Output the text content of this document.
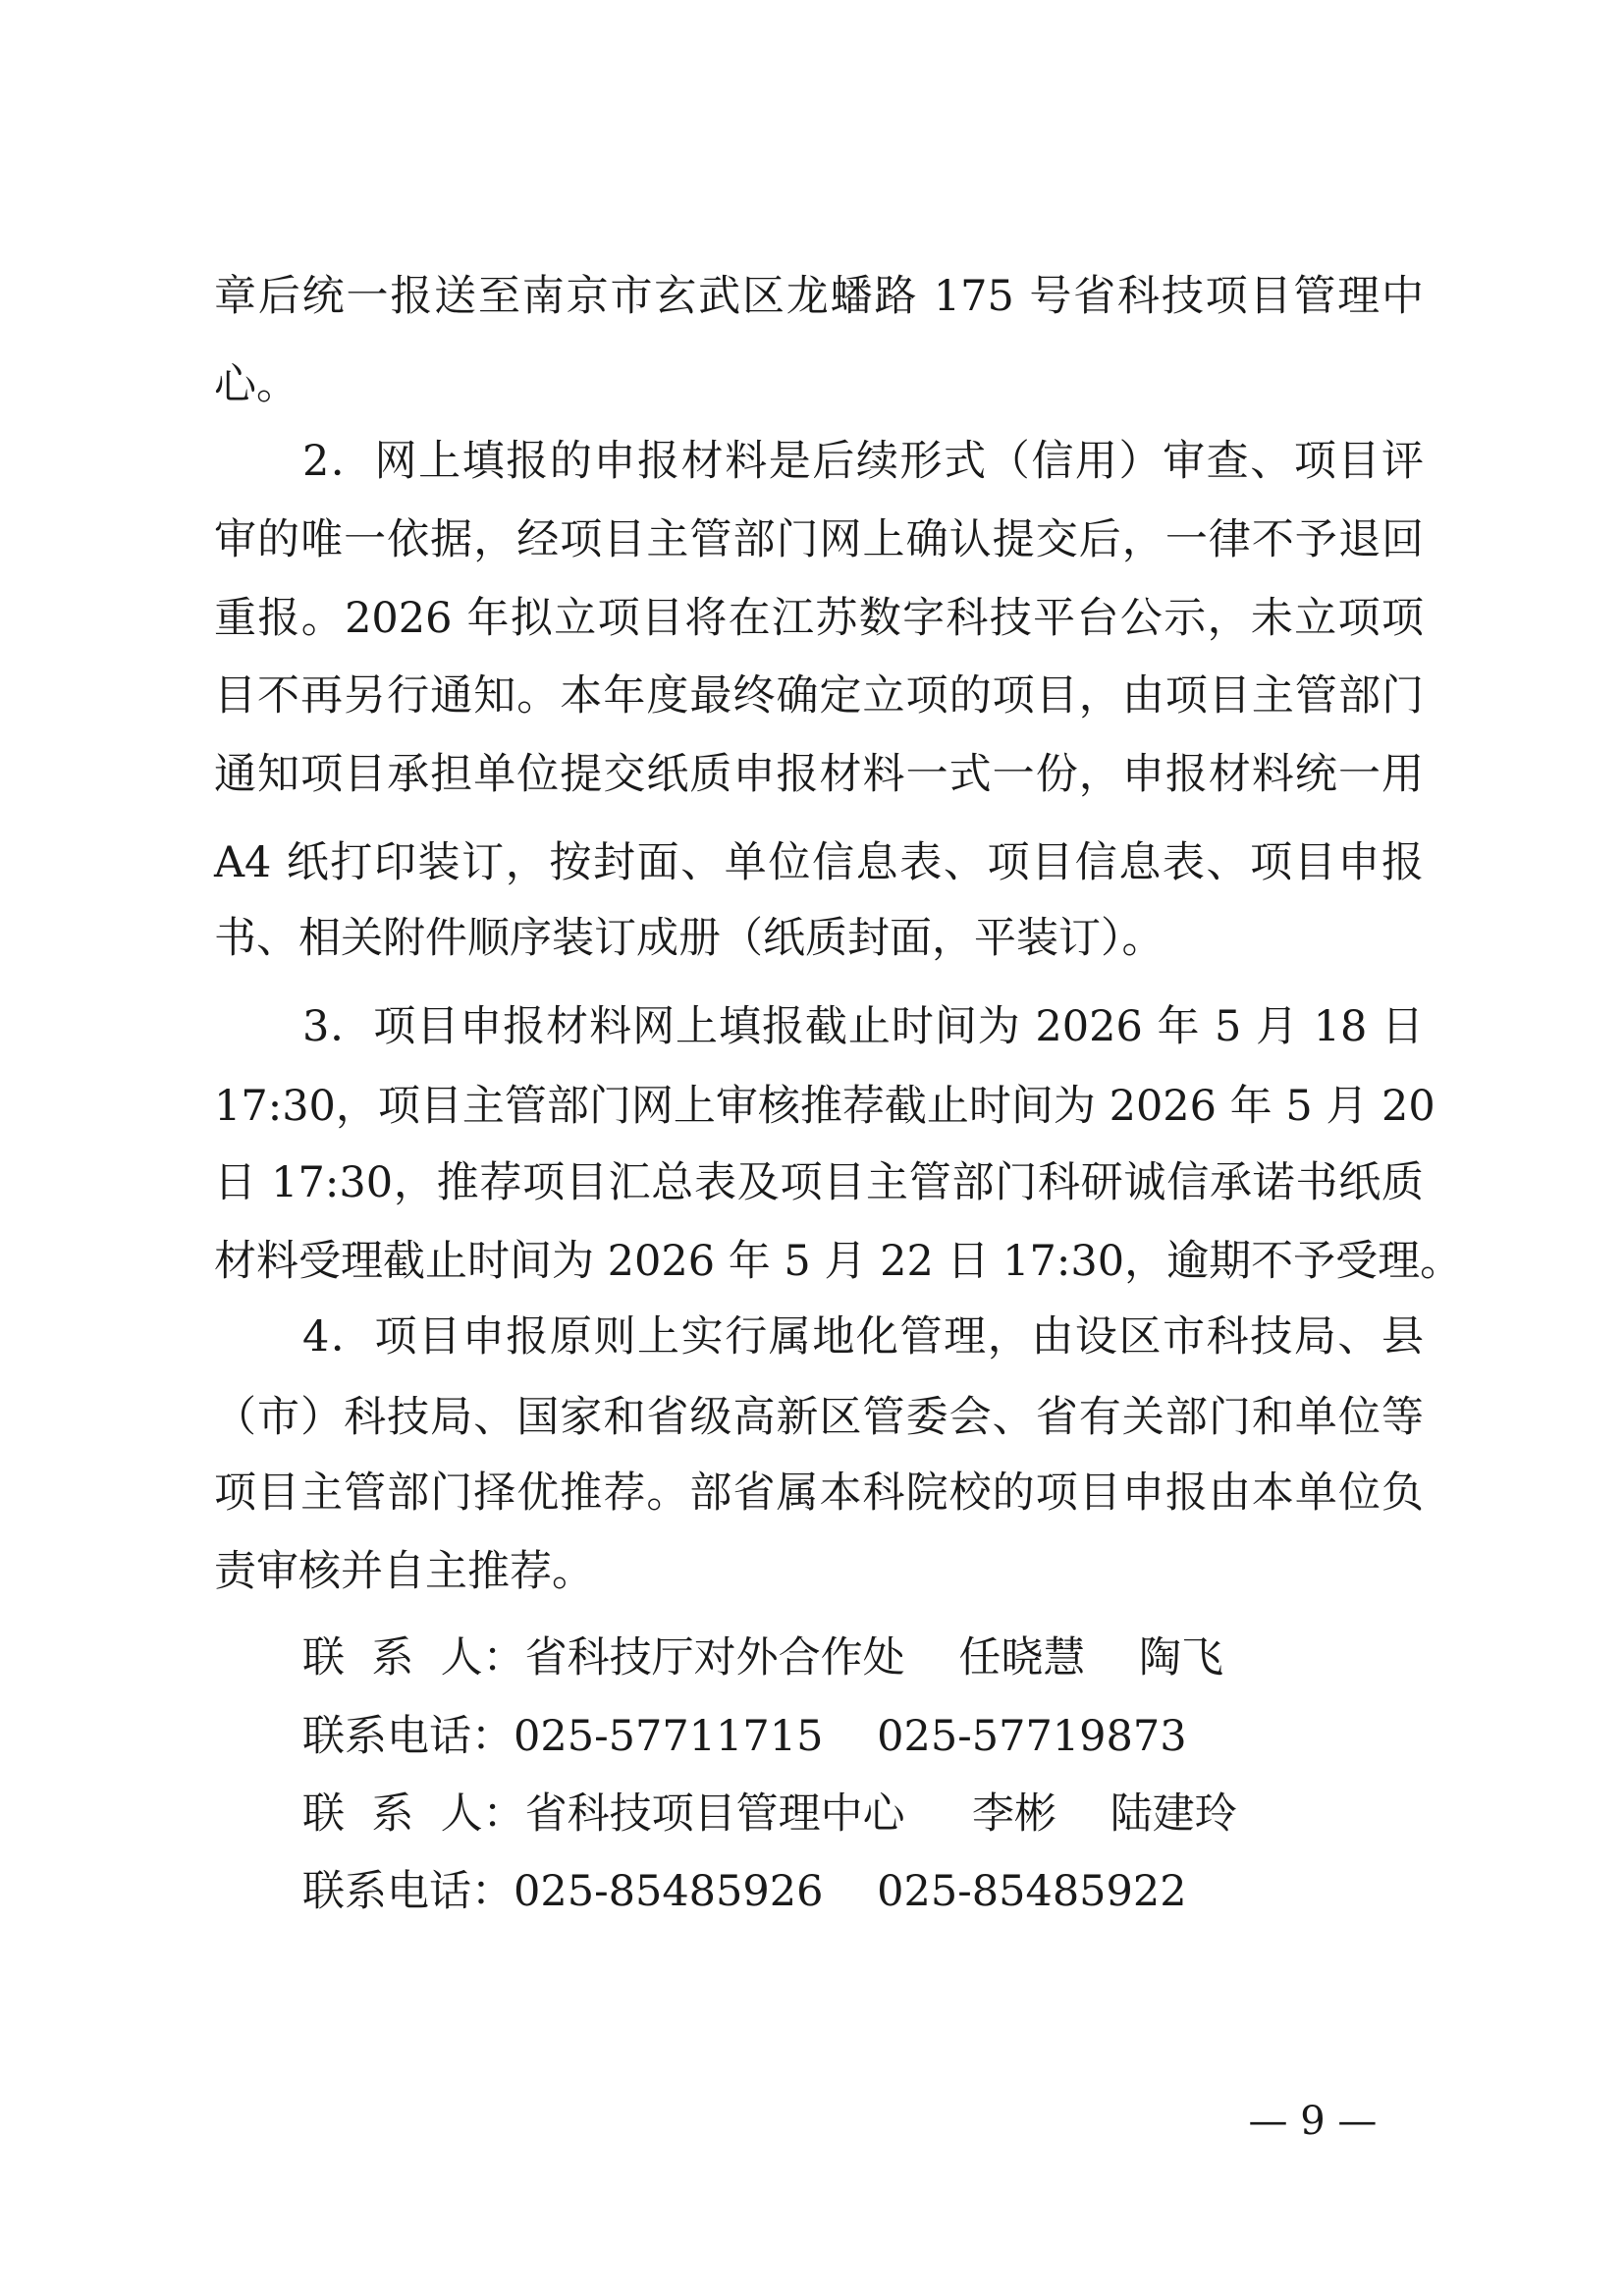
章后统一报送至南京市玄武区龙蟠路 175 号省科技项目管理中
心。
2．网上填报的申报材料是后续形式（信用）审查、项目评
审的唯一依据，经项目主管部门网上确认提交后，一律不予退回
重报。2026 年拟立项目将在江苏数字科技平台公示，未立项项
目不再另行通知。本年度最终确定立项的项目，由项目主管部门
通知项目承担单位提交纸质申报材料一式一份，申报材料统一用
A4 纸打印装订，按封面、单位信息表、项目信息表、项目申报
书、相关附件顺序装订成册（纸质封面，平装订）。
3．项目申报材料网上填报截止时间为 2026 年 5 月 18 日
17:30，项目主管部门网上审核推荐截止时间为 2026 年 5 月 20
日 17:30，推荐项目汇总表及项目主管部门科研诚信承诺书纸质
材料受理截止时间为 2026 年 5 月 22 日 17:30，逾期不予受理。
4．项目申报原则上实行属地化管理，由设区市科技局、县
（市）科技局、国家和省级高新区管委会、省有关部门和单位等
项目主管部门择优推荐。部省属本科院校的项目申报由本单位负
责审核并自主推荐。
联  系  人：省科技厅对外合作处    任晓慧    陶飞
联系电话：025-57711715    025-57719873
联  系  人：省科技项目管理中心     李彬    陆建玲
联系电话：025-85485926    025-85485922
— 9 —
